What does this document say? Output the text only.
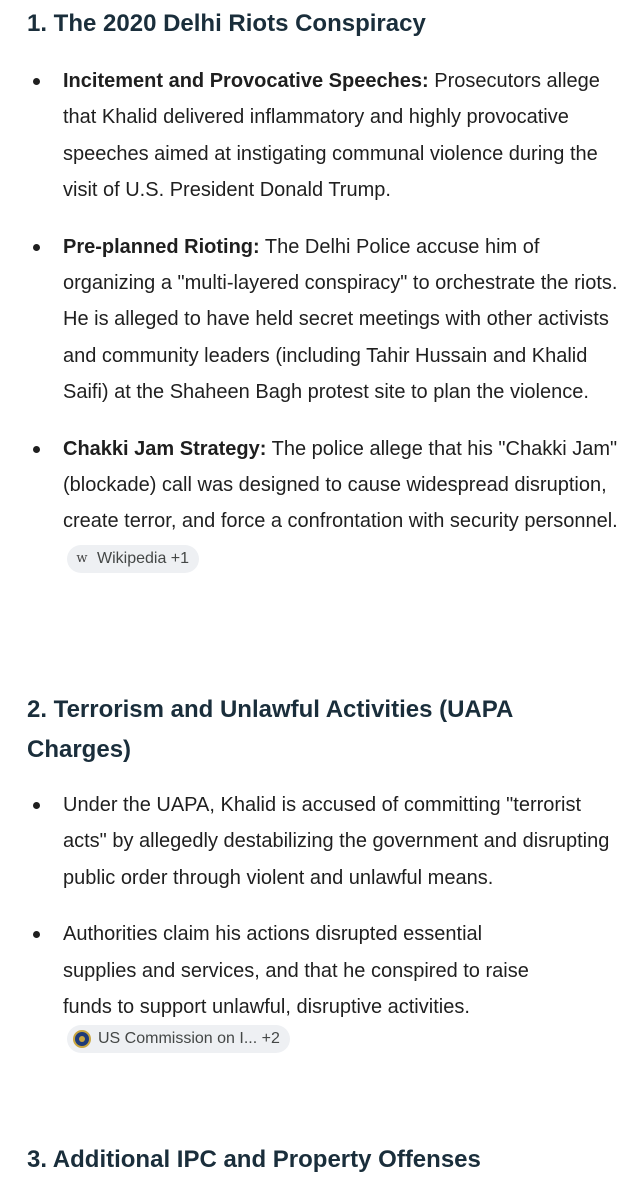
1. The 2020 Delhi Riots Conspiracy
Incitement and Provocative Speeches: Prosecutors allege that Khalid delivered inflammatory and highly provocative speeches aimed at instigating communal violence during the visit of U.S. President Donald Trump.
Pre-planned Rioting: The Delhi Police accuse him of organizing a "multi-layered conspiracy" to orchestrate the riots. He is alleged to have held secret meetings with other activists and community leaders (including Tahir Hussain and Khalid Saifi) at the Shaheen Bagh protest site to plan the violence.
Chakki Jam Strategy: The police allege that his "Chakki Jam" (blockade) call was designed to cause widespread disruption, create terror, and force a confrontation with security personnel.
w Wikipedia +1
2. Terrorism and Unlawful Activities (UAPA Charges)
Under the UAPA, Khalid is accused of committing "terrorist acts" by allegedly destabilizing the government and disrupting public order through violent and unlawful means.
Authorities claim his actions disrupted essential supplies and services, and that he conspired to raise funds to support unlawful, disruptive activities.
US Commission on I... +2
3. Additional IPC and Property Offenses
